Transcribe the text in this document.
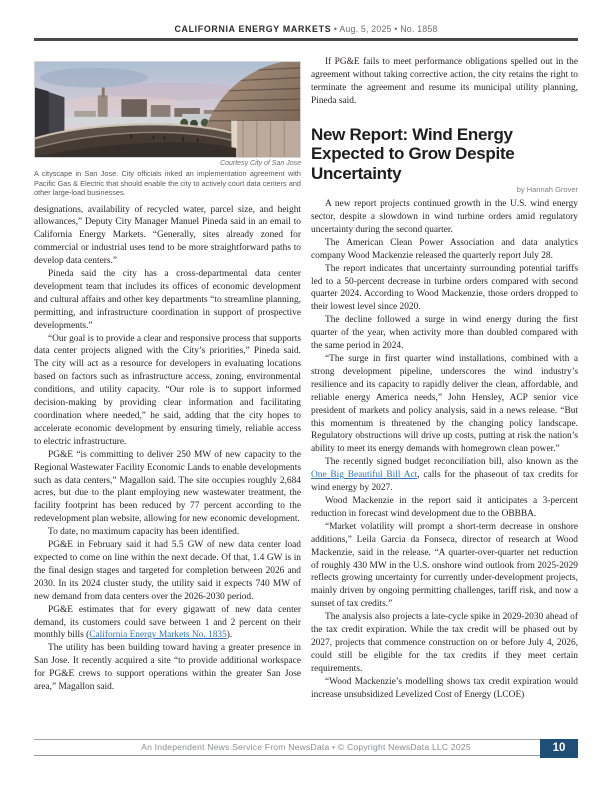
CALIFORNIA ENERGY MARKETS • Aug. 5, 2025 • No. 1858
Courtesy City of San Jose
A cityscape in San Jose. City officials inked an implementation agreement with Pacific Gas & Electric that should enable the city to actively court data centers and other large-load businesses.

designations, availability of recycled water, parcel size, and height allowances,” Deputy City Manager Manuel Pineda said in an email to California Energy Markets. “Generally, sites already zoned for commercial or industrial uses tend to be more straightforward paths to develop data centers.”

Pineda said the city has a cross-departmental data center development team that includes its offices of economic development and cultural affairs and other key departments “to streamline planning, permitting, and infrastructure coordination in support of prospective developments.”

“Our goal is to provide a clear and responsive process that supports data center projects aligned with the City’s priorities,” Pineda said. The city will act as a resource for developers in evaluating locations based on factors such as infrastructure access, zoning, environmental conditions, and utility capacity. “Our role is to support informed decision-making by providing clear information and facilitating coordination where needed,” he said, adding that the city hopes to accelerate economic development by ensuring timely, reliable access to electric infrastructure.

PG&E “is committing to deliver 250 MW of new capacity to the Regional Wastewater Facility Economic Lands to enable developments such as data centers,” Magallon said. The site occupies roughly 2,684 acres, but due to the plant employing new wastewater treatment, the facility footprint has been reduced by 77 percent according to the redevelopment plan website, allowing for new economic development.

To date, no maximum capacity has been identified.

PG&E in February said it had 5.5 GW of new data center load expected to come on line within the next decade. Of that, 1.4 GW is in the final design stages and targeted for completion between 2026 and 2030. In its 2024 cluster study, the utility said it expects 740 MW of new demand from data centers over the 2026-2030 period.

PG&E estimates that for every gigawatt of new data center demand, its customers could save between 1 and 2 percent on their monthly bills (California Energy Markets No. 1835).

The utility has been building toward having a greater presence in San Jose. It recently acquired a site “to provide additional workspace for PG&E crews to support operations within the greater San Jose area,” Magallon said.

If PG&E fails to meet performance obligations spelled out in the agreement without taking corrective action, the city retains the right to terminate the agreement and resume its municipal utility planning, Pineda said.

New Report: Wind Energy Expected to Grow Despite Uncertainty
by Hannah Grover

A new report projects continued growth in the U.S. wind energy sector, despite a slowdown in wind turbine orders amid regulatory uncertainty during the second quarter.

The American Clean Power Association and data analytics company Wood Mackenzie released the quarterly report July 28.

The report indicates that uncertainty surrounding potential tariffs led to a 50-percent decrease in turbine orders compared with second quarter 2024. According to Wood Mackenzie, those orders dropped to their lowest level since 2020.

The decline followed a surge in wind energy during the first quarter of the year, when activity more than doubled compared with the same period in 2024.

“The surge in first quarter wind installations, combined with a strong development pipeline, underscores the wind industry’s resilience and its capacity to rapidly deliver the clean, affordable, and reliable energy America needs,” John Hensley, ACP senior vice president of markets and policy analysis, said in a news release. “But this momentum is threatened by the changing policy landscape. Regulatory obstructions will drive up costs, putting at risk the nation’s ability to meet its energy demands with homegrown clean power.”

The recently signed budget reconciliation bill, also known as the One Big Beautiful Bill Act, calls for the phaseout of tax credits for wind energy by 2027.

Wood Mackenzie in the report said it anticipates a 3-percent reduction in forecast wind development due to the OBBBA.

“Market volatility will prompt a short-term decrease in onshore additions,” Leila Garcia da Fonseca, director of research at Wood Mackenzie, said in the release. “A quarter-over-quarter net reduction of roughly 430 MW in the U.S. onshore wind outlook from 2025-2029 reflects growing uncertainty for currently under-development projects, mainly driven by ongoing permitting challenges, tariff risk, and now a sunset of tax credits.”

The analysis also projects a late-cycle spike in 2029-2030 ahead of the tax credit expiration. While the tax credit will be phased out by 2027, projects that commence construction on or before July 4, 2026, could still be eligible for the tax credits if they meet certain requirements.

“Wood Mackenzie’s modelling shows tax credit expiration would increase unsubsidized Levelized Cost of Energy (LCOE)

An Independent News Service From NewsData • © Copyright NewsData LLC 2025	10
